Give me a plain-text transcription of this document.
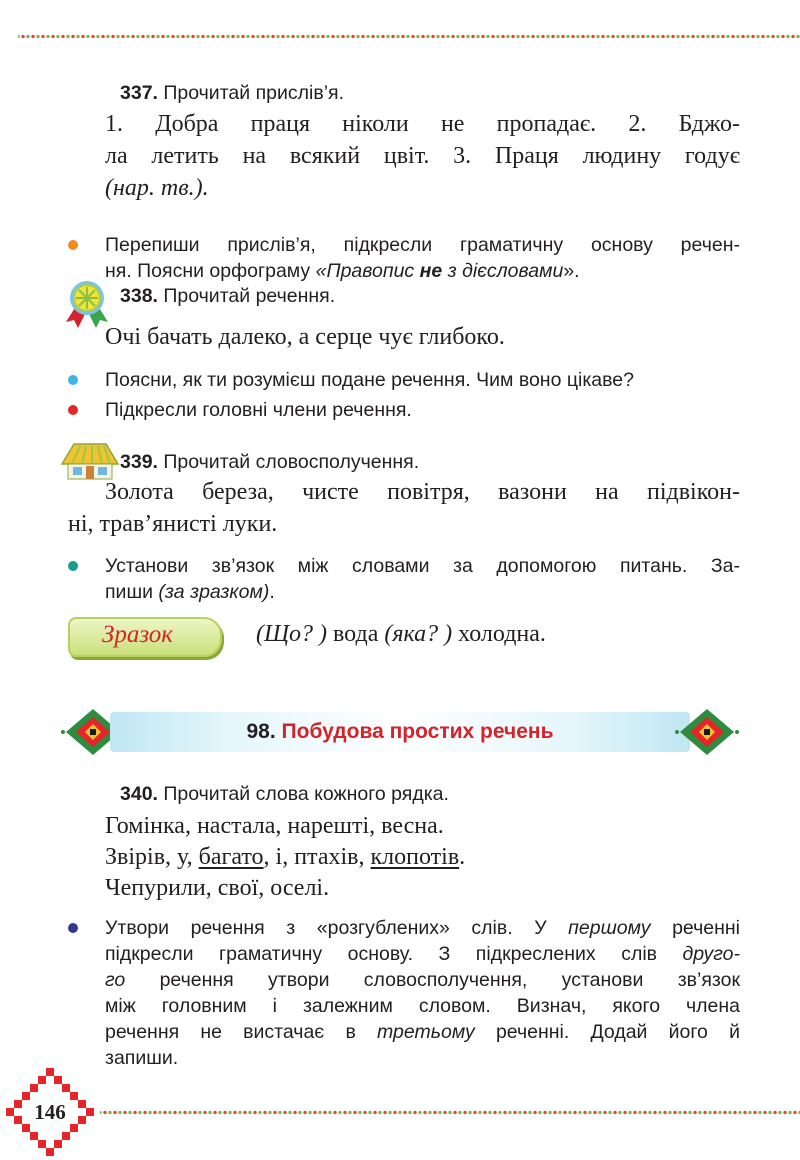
337. Прочитай прислів’я.
1. Добра праця ніколи не пропадає. 2. Бджо-
ла летить на всякий цвіт. 3. Праця людину годує
(нар. тв.).
Перепиши прислів’я, підкресли граматичну основу речен-
ня. Поясни орфограму «Правопис не з дієсловами».
338. Прочитай речення.
Очі бачать далеко, а серце чує глибоко.
Поясни, як ти розумієш подане речення. Чим воно цікаве?
Підкресли головні члени речення.
339. Прочитай словосполучення.
Золота береза, чисте повітря, вазони на підвікон-
ні, трав’янисті луки.
Установи зв’язок між словами за допомогою питань. За-
пиши (за зразком).
Зразок	(Що? ) вода (яка? ) холодна.
98. Побудова простих речень
340. Прочитай слова кожного рядка.
Гомінка, настала, нарешті, весна.
Звірів, у, багато, і, птахів, клопотів.
Чепурили, свої, оселі.
Утвори речення з «розгублених» слів. У першому реченні
підкресли граматичну основу. З підкреслених слів друго-
го речення утвори словосполучення, установи зв’язок
між головним і залежним словом. Визнач, якого члена
речення не вистачає в третьому реченні. Додай його й
запиши.
146
